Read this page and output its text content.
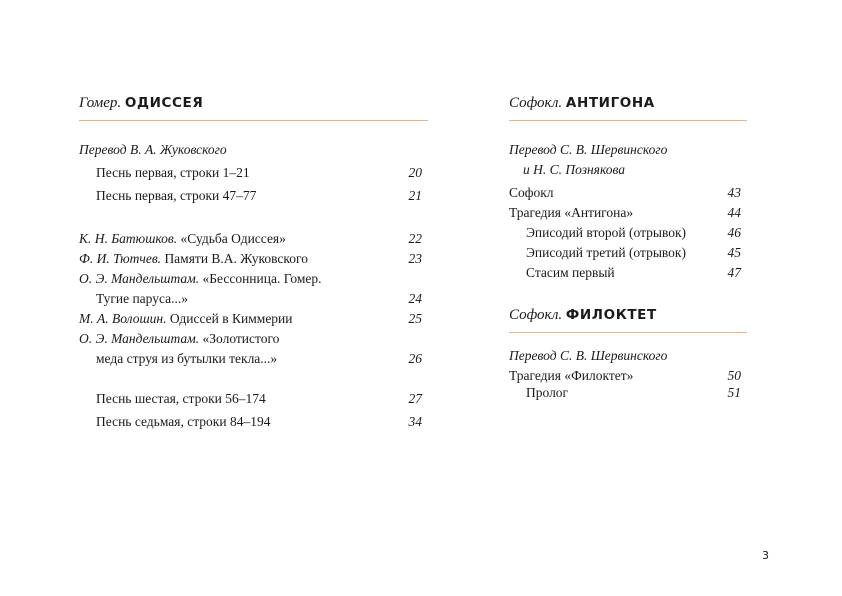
Гомер. ОДИССЕЯ
Перевод В. А. Жуковского
Песнь первая, строки 1–21	20
Песнь первая, строки 47–77	21
К. Н. Батюшков. «Судьба Одиссея»	22
Ф. И. Тютчев. Памяти В.А. Жуковского	23
О. Э. Мандельштам. «Бессонница. Гомер.
Тугие паруса...»	24
М. А. Волошин. Одиссей в Киммерии	25
О. Э. Мандельштам. «Золотистого
меда струя из бутылки текла...»	26
Песнь шестая, строки 56–174	27
Песнь седьмая, строки 84–194	34
Софокл. АНТИГОНА
Перевод С. В. Шервинского
и Н. С. Познякова
Софокл	43
Трагедия «Антигона»	44
Эписодий второй (отрывок)	46
Эписодий третий (отрывок)	45
Стасим первый	47
Софокл. ФИЛОКТЕТ
Перевод С. В. Шервинского
Трагедия «Филоктет»	50
Пролог	51
3
